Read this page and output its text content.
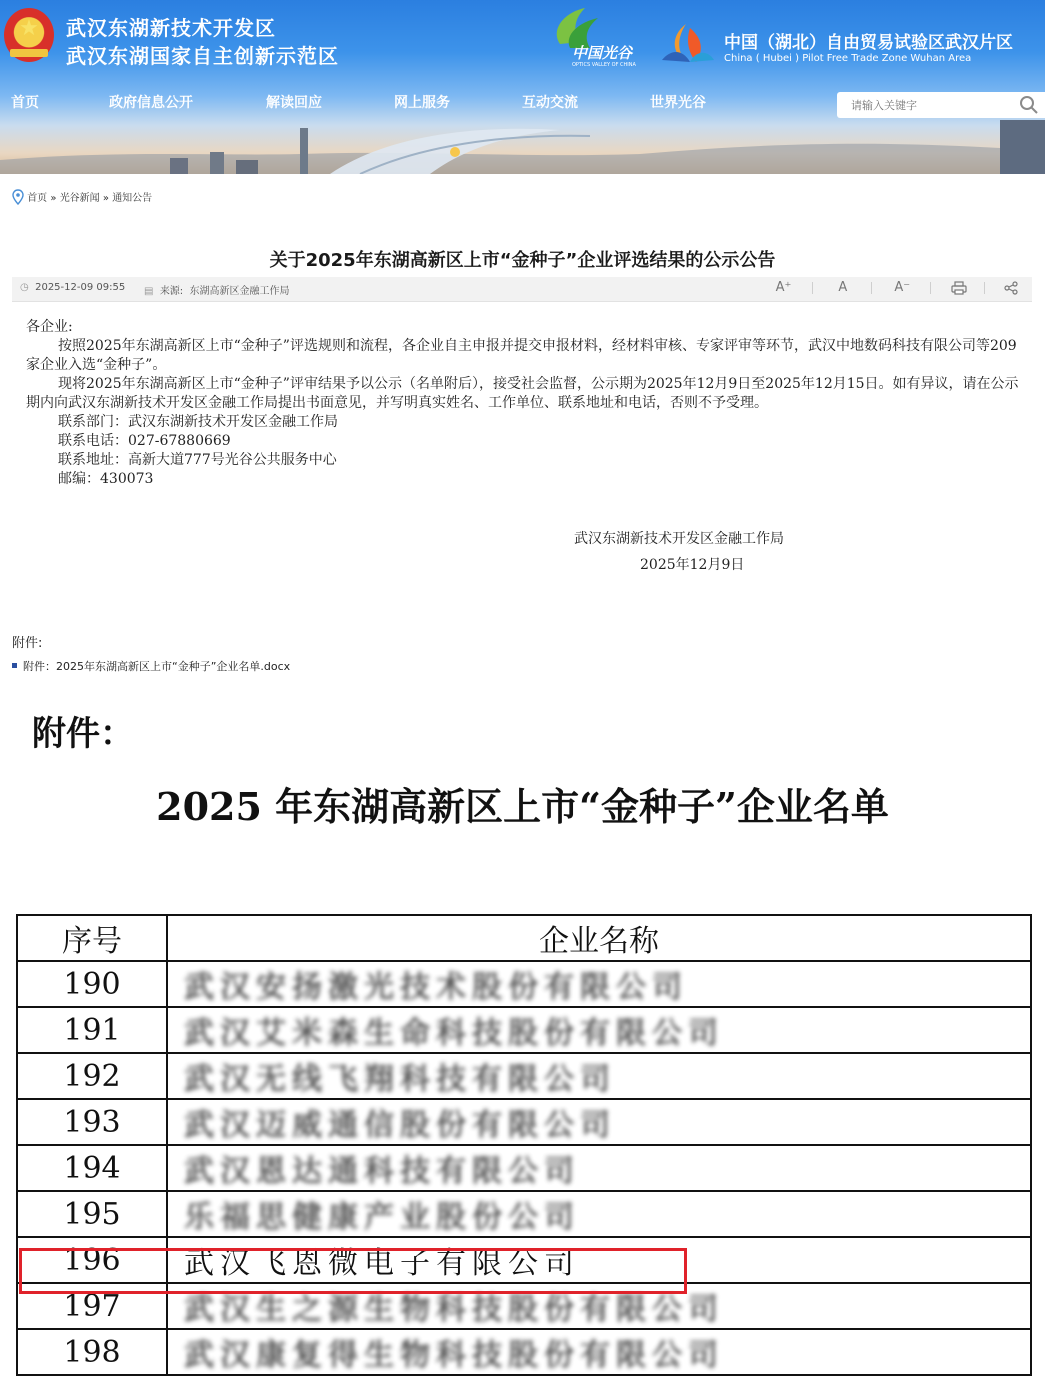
★	武汉东湖新技术开发区
武汉东湖国家自主创新示范区	中国光谷
OPTICS VALLEY OF CHINA
中国（湖北）自由贸易试验区武汉片区
China ( Hubei ) Pilot Free Trade Zone Wuhan Area
首页	政府信息公开	解读回应	网上服务	互动交流	世界光谷
请输入关键字
首页 » 光谷新闻 » 通知公告
关于2025年东湖高新区上市“金种子”企业评选结果的公示公告
◷ 2025-12-09 09:55 ▤ 来源: 东湖高新区金融工作局	A⁺	A	A⁻

各企业:

按照2025年东湖高新区上市“金种子”评选规则和流程，各企业自主申报并提交申报材料，经材料审核、专家评审等环节，武汉中地数码科技有限公司等209家企业入选“金种子”。

现将2025年东湖高新区上市“金种子”评审结果予以公示（名单附后），接受社会监督，公示期为2025年12月9日至2025年12月15日。如有异议，请在公示期内向武汉东湖新技术开发区金融工作局提出书面意见，并写明真实姓名、工作单位、联系地址和电话，否则不予受理。

联系部门：武汉东湖新技术开发区金融工作局

联系电话：027-67880669

联系地址：高新大道777号光谷公共服务中心

邮编：430073

武汉东湖新技术开发区金融工作局
2025年12月9日
附件:
附件：2025年东湖高新区上市“金种子”企业名单.docx
附件：
2025 年东湖高新区上市“金种子”企业名单
序号	企业名称
190	武汉安扬激光技术股份有限公司
191	武汉艾米森生命科技股份有限公司
192	武汉无线飞翔科技有限公司
193	武汉迈威通信股份有限公司
194	武汉恩达通科技有限公司
195	乐福思健康产业股份公司
196	武汉飞恩微电子有限公司
197	武汉生之源生物科技股份有限公司
198	武汉康复得生物科技股份有限公司
